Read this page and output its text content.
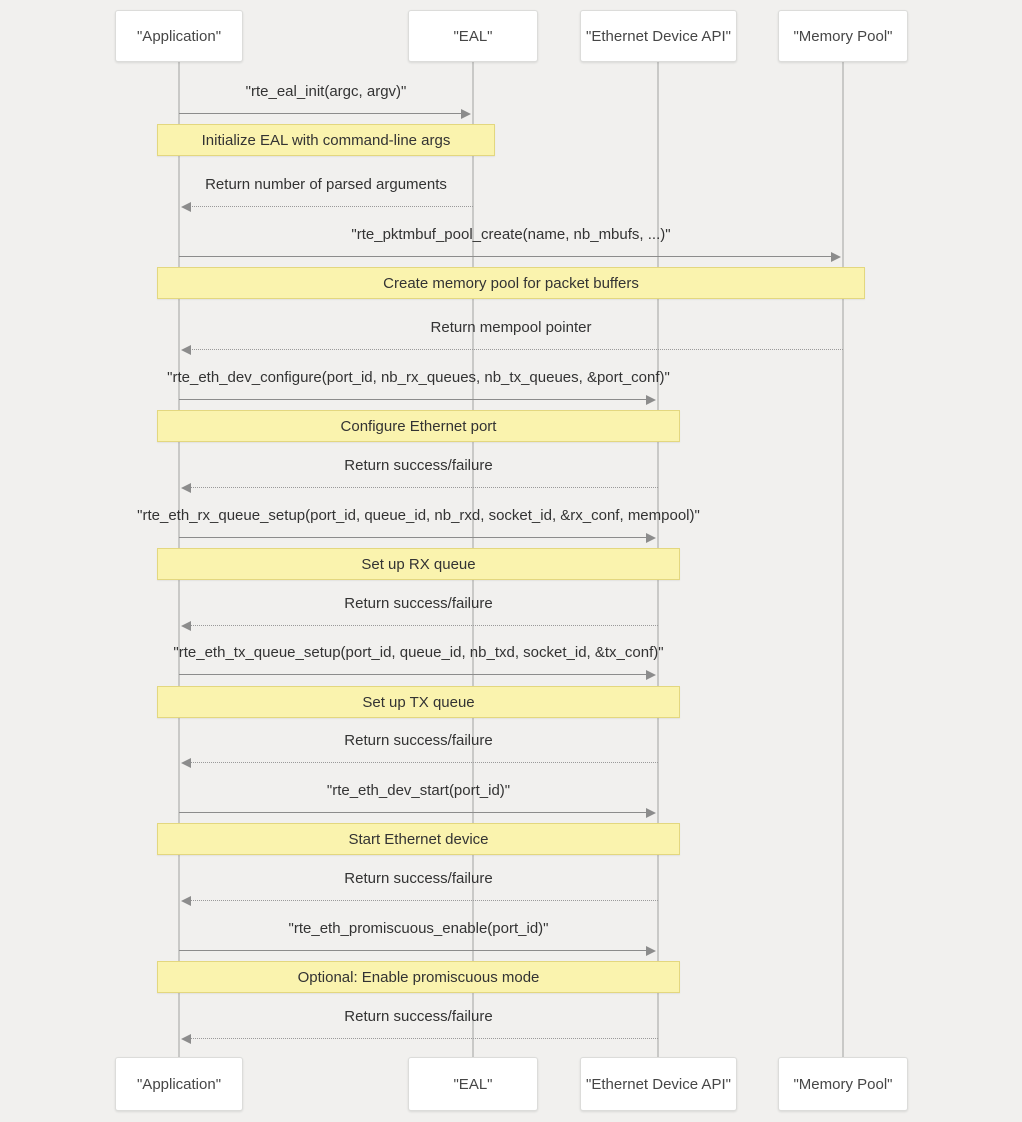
"Application"
"Application"
"EAL"
"EAL"
"Ethernet Device API"
"Ethernet Device API"
"Memory Pool"
"Memory Pool"
"rte_eal_init(argc, argv)"
Return number of parsed arguments
"rte_pktmbuf_pool_create(name, nb_mbufs, ...)"
Return mempool pointer
"rte_eth_dev_configure(port_id, nb_rx_queues, nb_tx_queues, &port_conf)"
Return success/failure
"rte_eth_rx_queue_setup(port_id, queue_id, nb_rxd, socket_id, &rx_conf, mempool)"
Return success/failure
"rte_eth_tx_queue_setup(port_id, queue_id, nb_txd, socket_id, &tx_conf)"
Return success/failure
"rte_eth_dev_start(port_id)"
Return success/failure
"rte_eth_promiscuous_enable(port_id)"
Return success/failure
Initialize EAL with command-line args
Create memory pool for packet buffers
Configure Ethernet port
Set up RX queue
Set up TX queue
Start Ethernet device
Optional: Enable promiscuous mode
